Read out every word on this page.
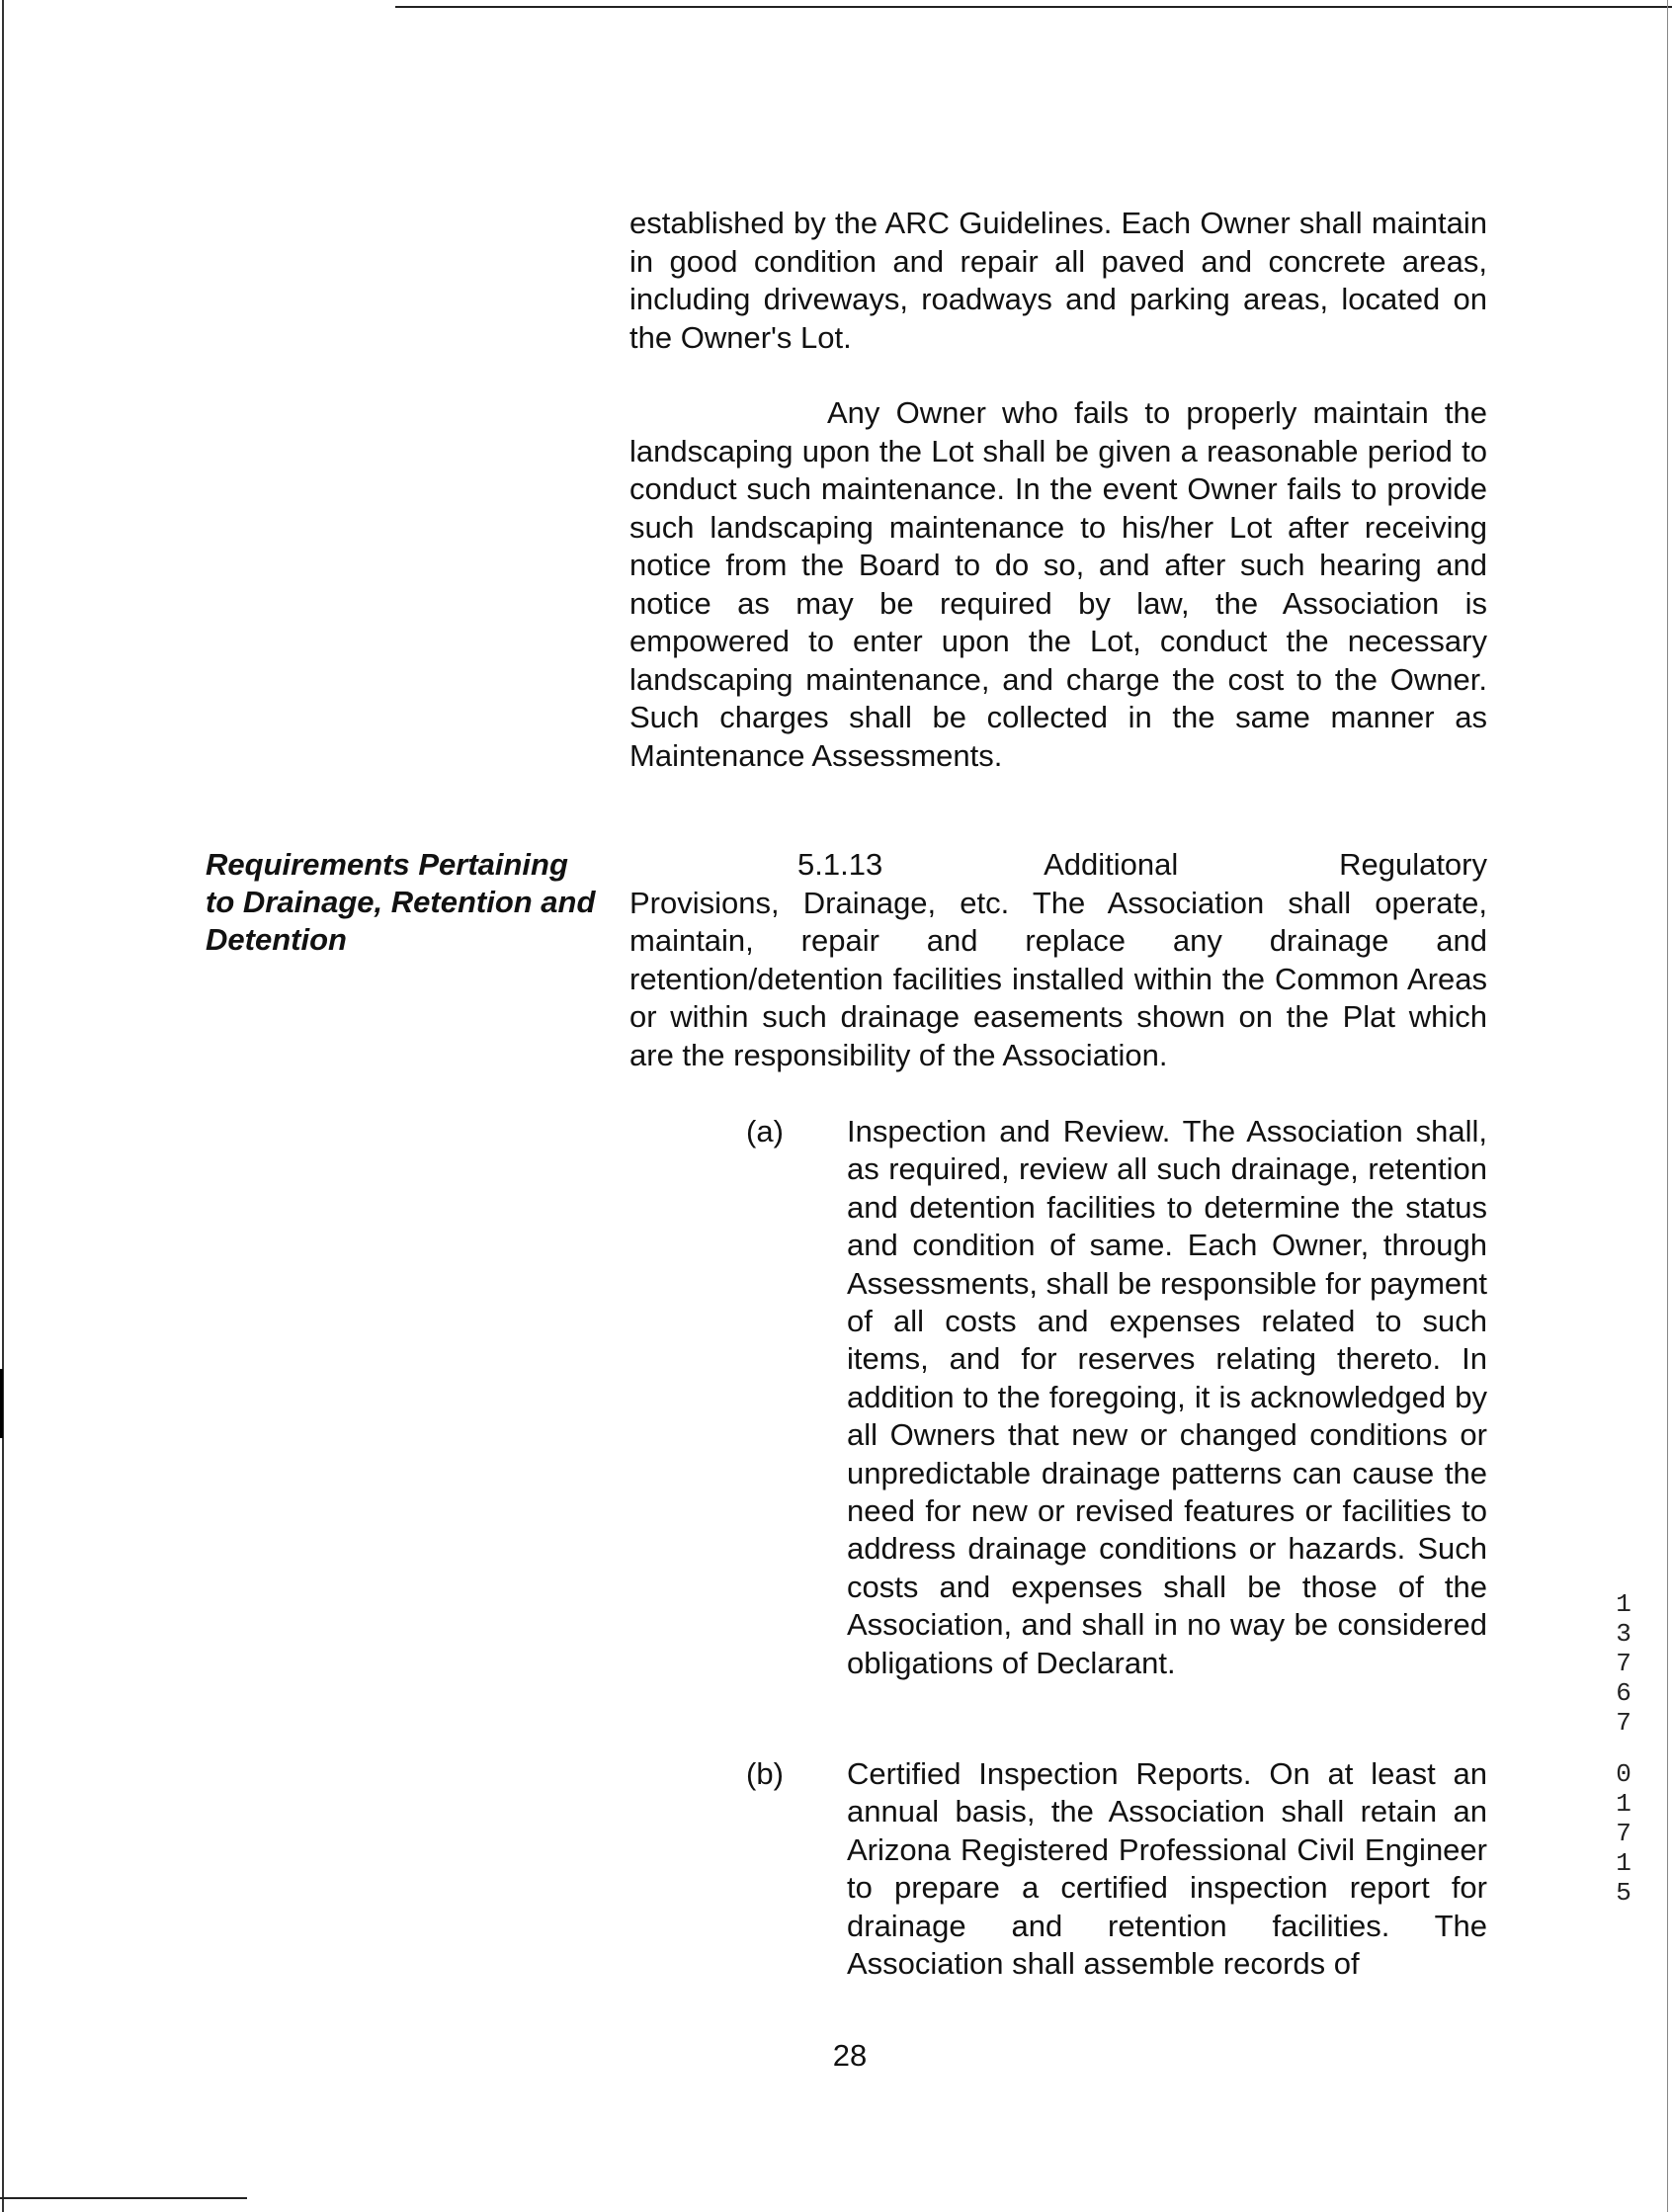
established by the ARC Guidelines. Each Owner shall maintain in good condition and repair all paved and concrete areas, including driveways, roadways and parking areas, located on the Owner's Lot.

Any Owner who fails to properly maintain the landscaping upon the Lot shall be given a reasonable period to conduct such maintenance. In the event Owner fails to provide such landscaping maintenance to his/her Lot after receiving notice from the Board to do so, and after such hearing and notice as may be required by law, the Association is empowered to enter upon the Lot, conduct the necessary landscaping maintenance, and charge the cost to the Owner. Such charges shall be collected in the same manner as Maintenance Assessments.

Requirements Pertaining to Drainage, Retention and Detention

5.1.13	Additional	Regulatory

Provisions, Drainage, etc. The Association shall operate, maintain, repair and replace any drainage and retention/detention facilities installed within the Common Areas or within such drainage easements shown on the Plat which are the responsibility of the Association.

(a) Inspection and Review. The Association shall, as required, review all such drainage, retention and detention facilities to determine the status and condition of same. Each Owner, through Assessments, shall be responsible for payment of all costs and expenses related to such items, and for reserves relating thereto. In addition to the foregoing, it is acknowledged by all Owners that new or changed conditions or unpredictable drainage patterns can cause the need for new or revised features or facilities to address drainage conditions or hazards. Such costs and expenses shall be those of the Association, and shall in no way be considered obligations of Declarant.
(b) Certified Inspection Reports. On at least an annual basis, the Association shall retain an Arizona Registered Professional Civil Engineer to prepare a certified inspection report for drainage and retention facilities. The Association shall assemble records of
28
1
3
7
6
7
0
1
7
1
5
